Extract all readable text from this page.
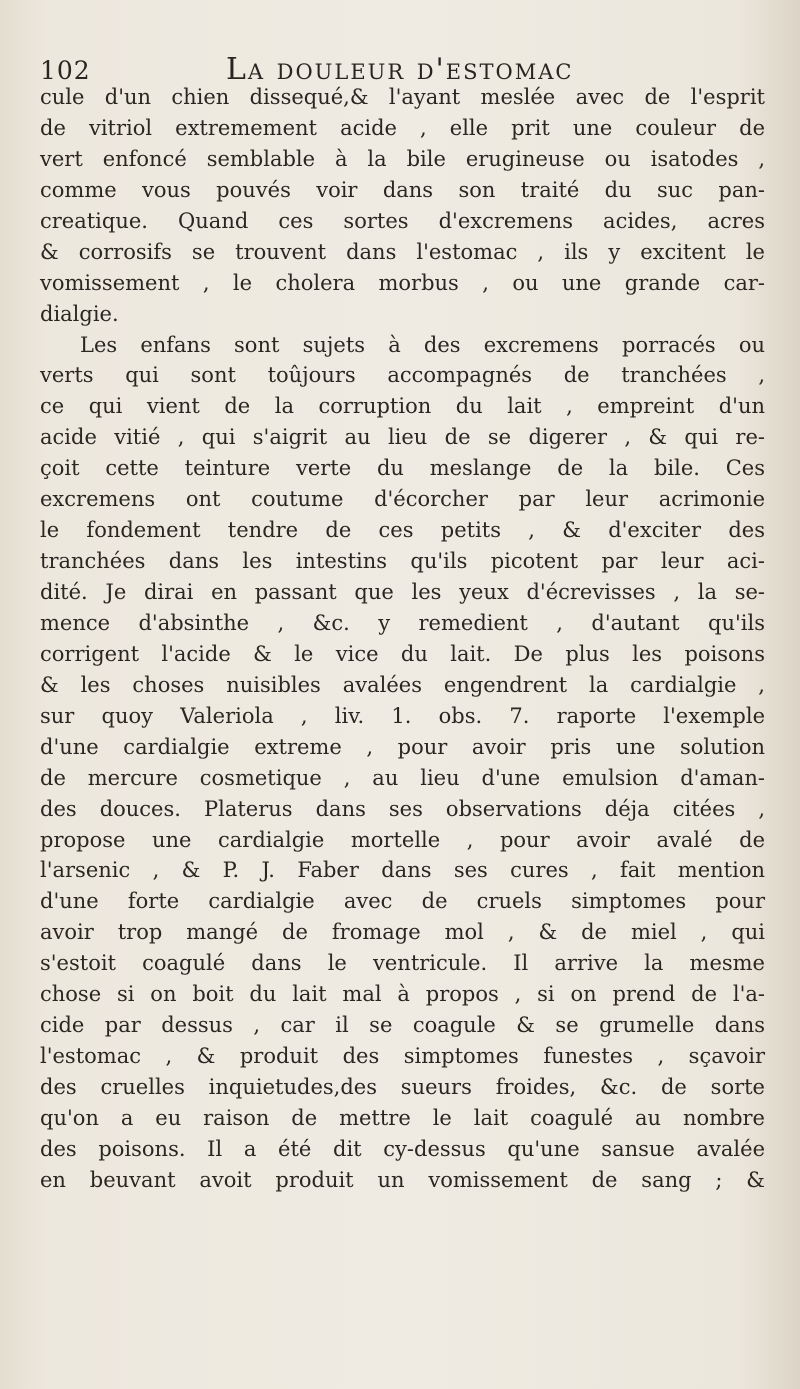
102	La douleur d'estomac
cule d'un chien dissequé,& l'ayant meslée avec de l'esprit
de vitriol extremement acide , elle prit une couleur de
vert enfoncé semblable à la bile erugineuse ou isatodes ,
comme vous pouvés voir dans son traité du suc pan-
creatique. Quand ces sortes d'excremens acides, acres
& corrosifs se trouvent dans l'estomac , ils y excitent le
vomissement , le cholera morbus , ou une grande car-
dialgie.
Les enfans sont sujets à des excremens porracés ou
verts qui sont toûjours accompagnés de tranchées ,
ce qui vient de la corruption du lait , empreint d'un
acide vitié , qui s'aigrit au lieu de se digerer , & qui re-
çoit cette teinture verte du meslange de la bile. Ces
excremens ont coutume d'écorcher par leur acrimonie
le fondement tendre de ces petits , & d'exciter des
tranchées dans les intestins qu'ils picotent par leur aci-
dité. Je dirai en passant que les yeux d'écrevisses , la se-
mence d'absinthe , &c. y remedient , d'autant qu'ils
corrigent l'acide & le vice du lait. De plus les poisons
& les choses nuisibles avalées engendrent la cardialgie ,
sur quoy Valeriola , liv. 1. obs. 7. raporte l'exemple
d'une cardialgie extreme , pour avoir pris une solution
de mercure cosmetique , au lieu d'une emulsion d'aman-
des douces. Platerus dans ses observations déja citées ,
propose une cardialgie mortelle , pour avoir avalé de
l'arsenic , & P. J. Faber dans ses cures , fait mention
d'une forte cardialgie avec de cruels simptomes pour
avoir trop mangé de fromage mol , & de miel , qui
s'estoit coagulé dans le ventricule. Il arrive la mesme
chose si on boit du lait mal à propos , si on prend de l'a-
cide par dessus , car il se coagule & se grumelle dans
l'estomac , & produit des simptomes funestes , sçavoir
des cruelles inquietudes,des sueurs froides, &c. de sorte
qu'on a eu raison de mettre le lait coagulé au nombre
des poisons. Il a été dit cy-dessus qu'une sansue avalée
en beuvant avoit produit un vomissement de sang ; &
